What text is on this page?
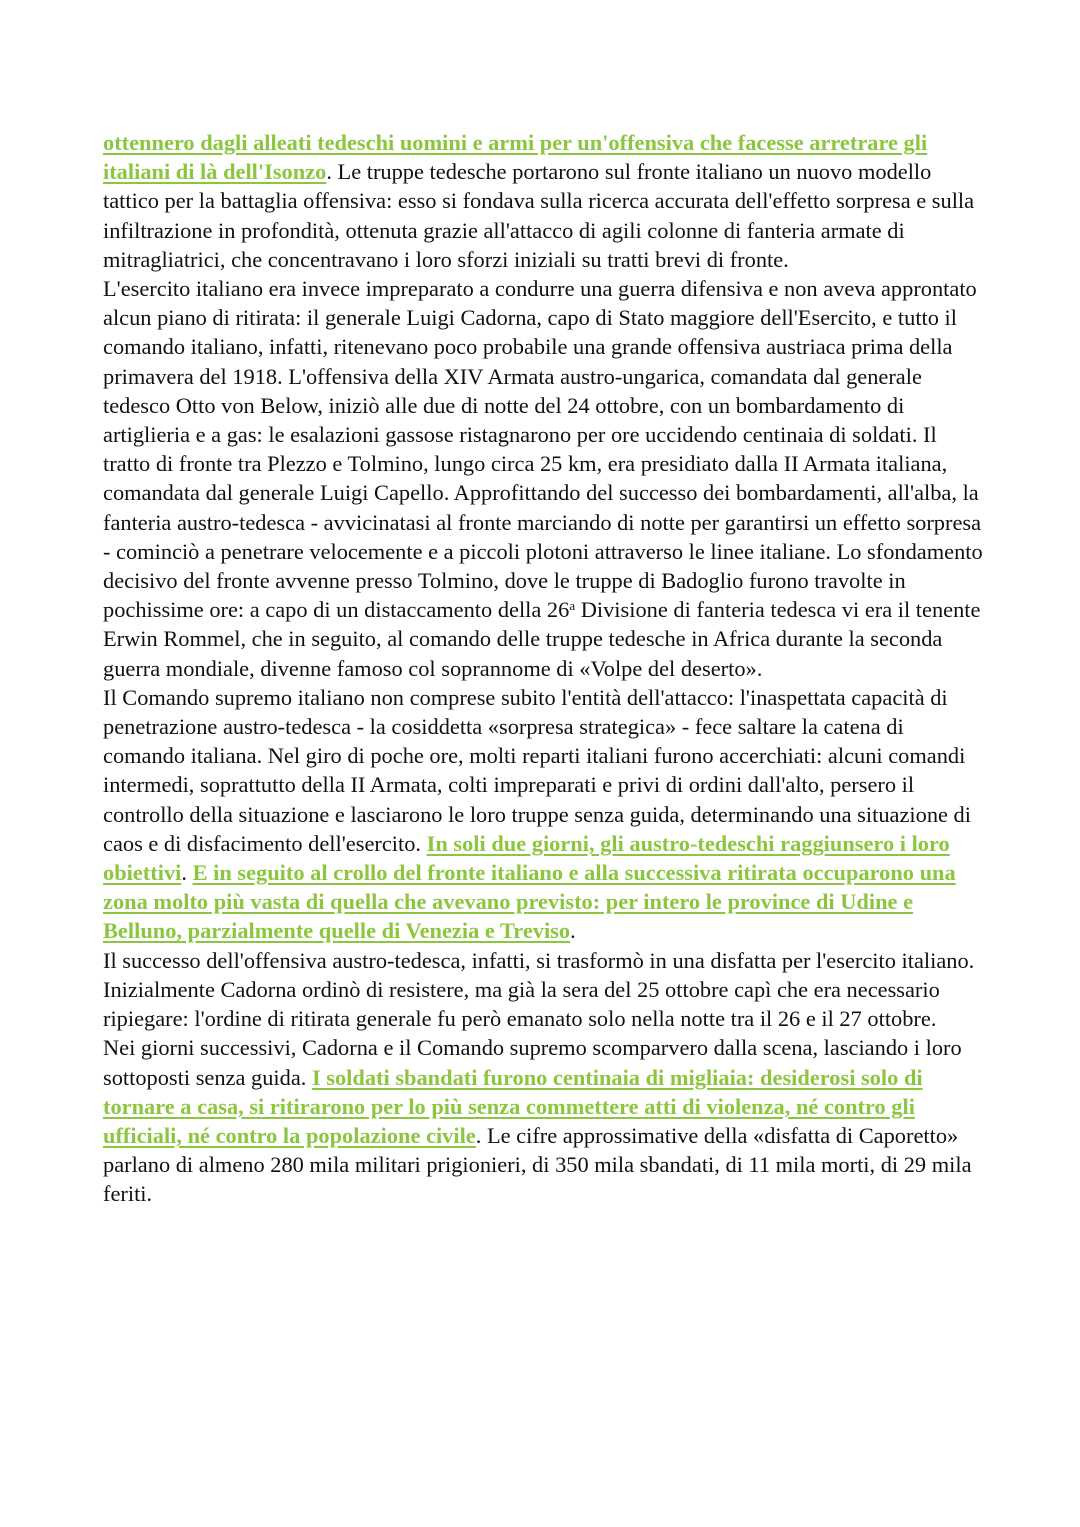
ottennero dagli alleati tedeschi uomini e armi per un'offensiva che facesse arretrare gli italiani di là dell'Isonzo. Le truppe tedesche portarono sul fronte italiano un nuovo modello tattico per la battaglia offensiva: esso si fondava sulla ricerca accurata dell'effetto sorpresa e sulla infiltrazione in profondità, ottenuta grazie all'attacco di agili colonne di fanteria armate di mitragliatrici, che concentravano i loro sforzi iniziali su tratti brevi di fronte.

L'esercito italiano era invece impreparato a condurre una guerra difensiva e non aveva approntato alcun piano di ritirata: il generale Luigi Cadorna, capo di Stato maggiore dell'Esercito, e tutto il comando italiano, infatti, ritenevano poco probabile una grande offensiva austriaca prima della primavera del 1918. L'offensiva della XIV Armata austro-ungarica, comandata dal generale tedesco Otto von Below, iniziò alle due di notte del 24 ottobre, con un bombardamento di artiglieria e a gas: le esalazioni gassose ristagnarono per ore uccidendo centinaia di soldati. Il tratto di fronte tra Plezzo e Tolmino, lungo circa 25 km, era presidiato dalla II Armata italiana, comandata dal generale Luigi Capello. Approfittando del successo dei bombardamenti, all'alba, la fanteria austro-tedesca - avvicinatasi al fronte marciando di notte per garantirsi un effetto sorpresa - cominciò a penetrare velocemente e a piccoli plotoni attraverso le linee italiane. Lo sfondamento decisivo del fronte avvenne presso Tolmino, dove le truppe di Badoglio furono travolte in pochissime ore: a capo di un distaccamento della 26$^a$ Divisione di fanteria tedesca vi era il tenente Erwin Rommel, che in seguito, al comando delle truppe tedesche in Africa durante la seconda guerra mondiale, divenne famoso col soprannome di «Volpe del deserto».

Il Comando supremo italiano non comprese subito l'entità dell'attacco: l'inaspettata capacità di penetrazione austro-tedesca - la cosiddetta «sorpresa strategica» - fece saltare la catena di comando italiana. Nel giro di poche ore, molti reparti italiani furono accerchiati: alcuni comandi intermedi, soprattutto della II Armata, colti impreparati e privi di ordini dall'alto, persero il controllo della situazione e lasciarono le loro truppe senza guida, determinando una situazione di caos e di disfacimento dell'esercito. In soli due giorni, gli austro-tedeschi raggiunsero i loro obiettivi. E in seguito al crollo del fronte italiano e alla successiva ritirata occuparono una zona molto più vasta di quella che avevano previsto: per intero le province di Udine e Belluno, parzialmente quelle di Venezia e Treviso.

Il successo dell'offensiva austro-tedesca, infatti, si trasformò in una disfatta per l'esercito italiano. Inizialmente Cadorna ordinò di resistere, ma già la sera del 25 ottobre capì che era necessario ripiegare: l'ordine di ritirata generale fu però emanato solo nella notte tra il 26 e il 27 ottobre.

Nei giorni successivi, Cadorna e il Comando supremo scomparvero dalla scena, lasciando i loro sottoposti senza guida. I soldati sbandati furono centinaia di migliaia: desiderosi solo di tornare a casa, si ritirarono per lo più senza commettere atti di violenza, né contro gli ufficiali, né contro la popolazione civile. Le cifre approssimative della «disfatta di Caporetto» parlano di almeno 280 mila militari prigionieri, di 350 mila sbandati, di 11 mila morti, di 29 mila feriti.
